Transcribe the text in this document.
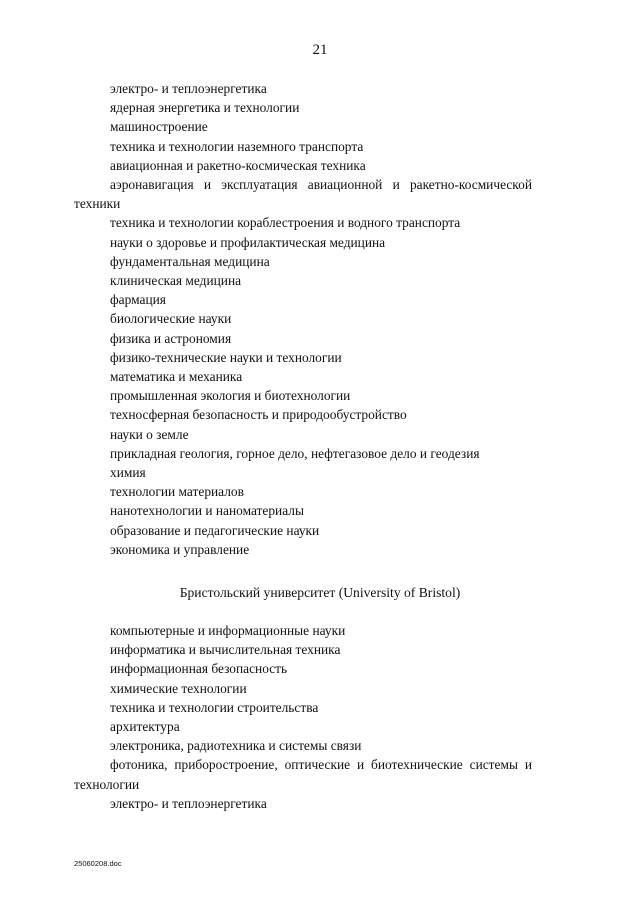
21
электро- и теплоэнергетика
ядерная энергетика и технологии
машиностроение
техника и технологии наземного транспорта
авиационная и ракетно-космическая техника
аэронавигация и эксплуатация авиационной и ракетно-космической техники
техника и технологии кораблестроения и водного транспорта
науки о здоровье и профилактическая медицина
фундаментальная медицина
клиническая медицина
фармация
биологические науки
физика и астрономия
физико-технические науки и технологии
математика и механика
промышленная экология и биотехнологии
техносферная безопасность и природообустройство
науки о земле
прикладная геология, горное дело, нефтегазовое дело и геодезия
химия
технологии материалов
нанотехнологии и наноматериалы
образование и педагогические науки
экономика и управление
Бристольский университет (University of Bristol)
компьютерные и информационные науки
информатика и вычислительная техника
информационная безопасность
химические технологии
техника и технологии строительства
архитектура
электроника, радиотехника и системы связи
фотоника, приборостроение, оптические и биотехнические системы и технологии
электро- и теплоэнергетика
25060208.doc
